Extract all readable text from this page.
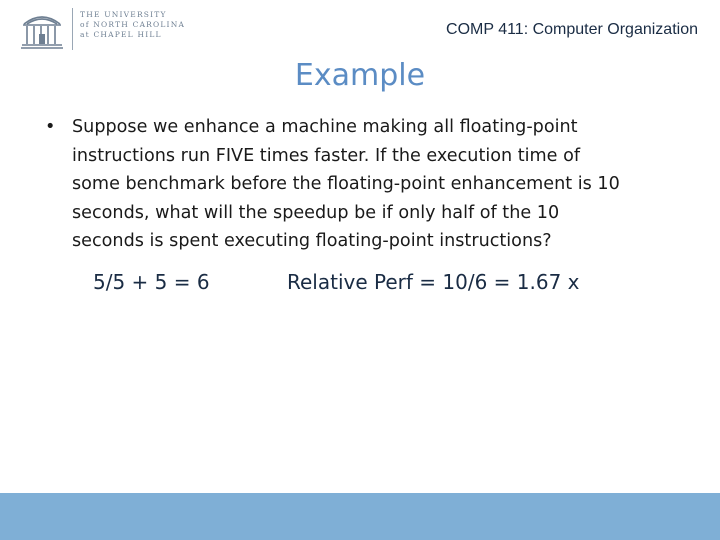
THE UNIVERSITY
of NORTH CAROLINA
at CHAPEL HILL	COMP 411: Computer Organization
Example
• Suppose we enhance a machine making all floating-point
instructions run FIVE times faster. If the execution time of
some benchmark before the floating-point enhancement is 10
seconds, what will the speedup be if only half of the 10
seconds is spent executing floating-point instructions?
5/5 + 5 = 6	Relative Perf = 10/6 = 1.67 x
